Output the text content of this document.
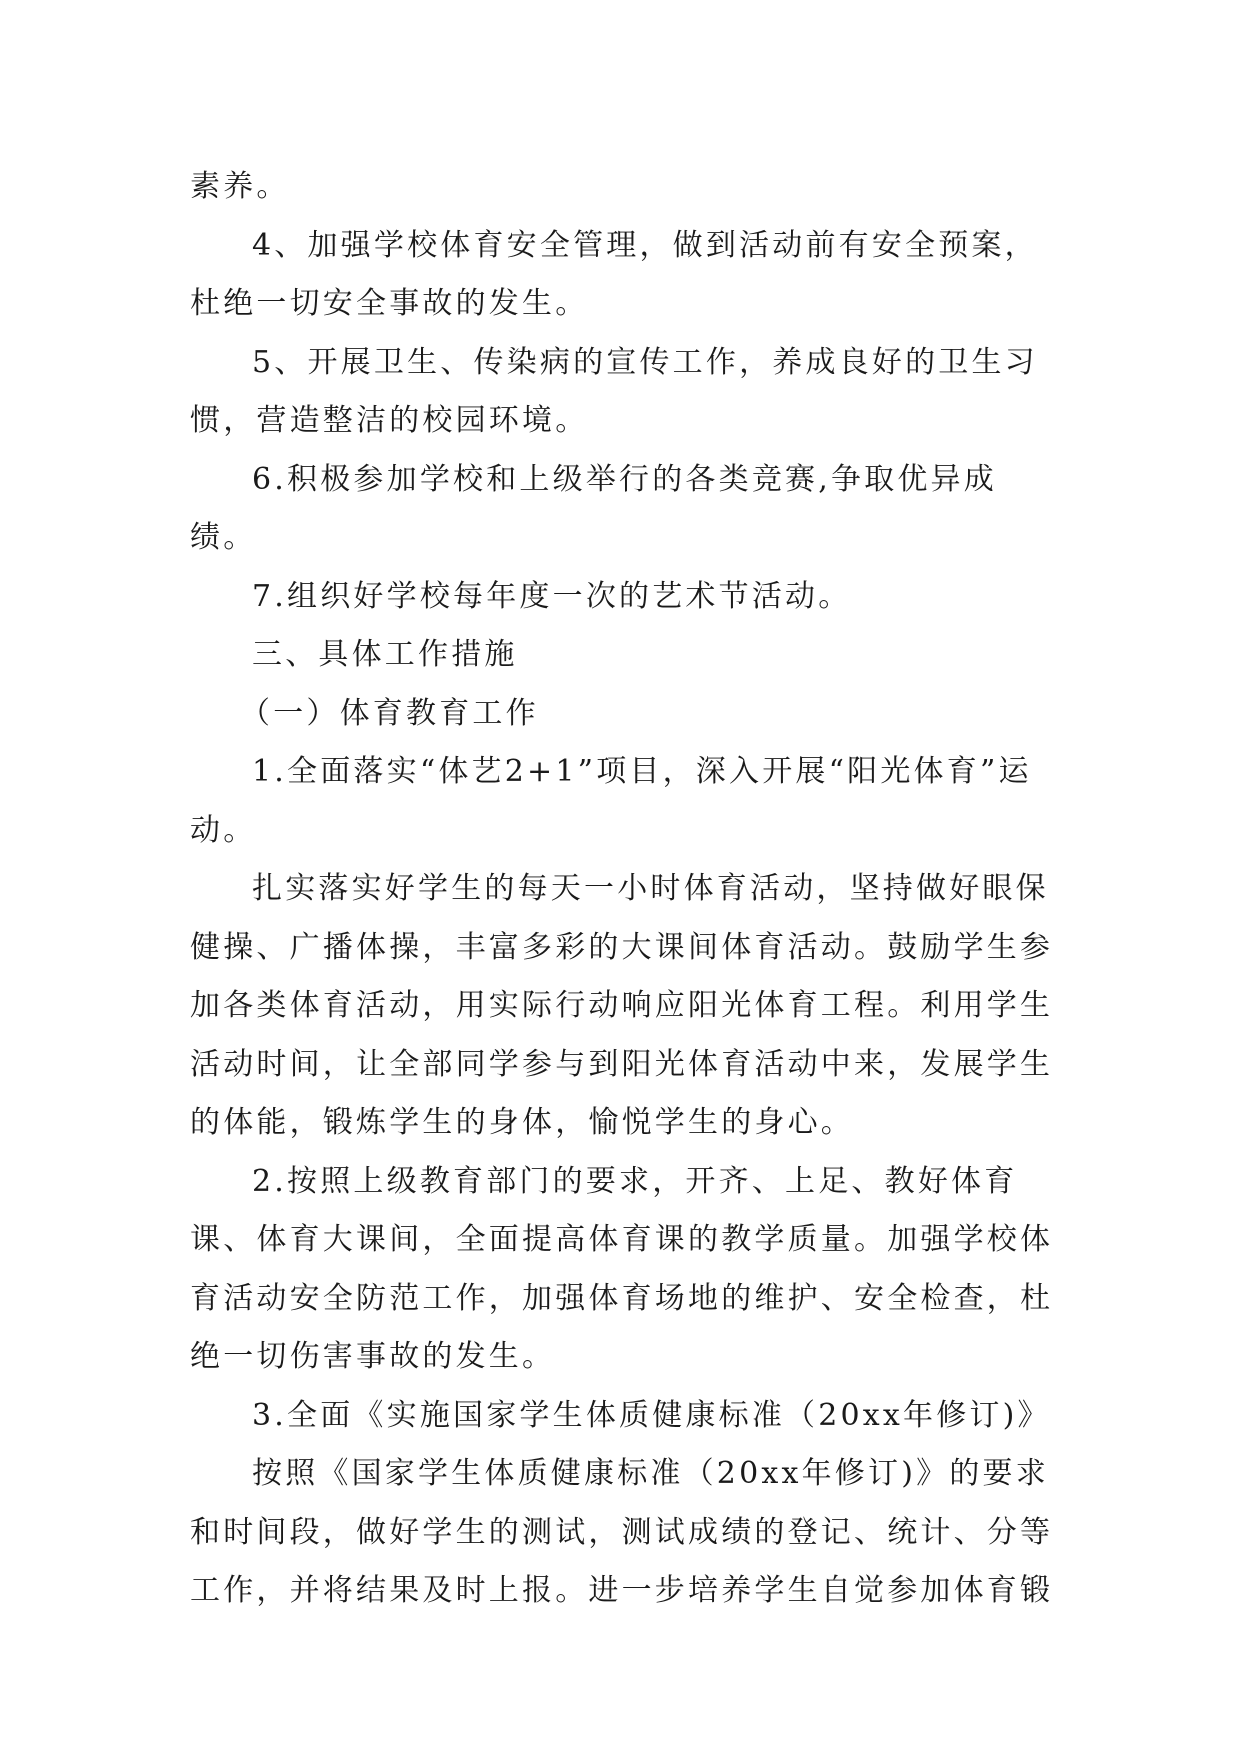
素养。

4、加强学校体育安全管理，做到活动前有安全预案，杜绝一切安全事故的发生。

5、开展卫生、传染病的宣传工作，养成良好的卫生习惯，营造整洁的校园环境。

6.积极参加学校和上级举行的各类竞赛,争取优异成绩。

7.组织好学校每年度一次的艺术节活动。

三、具体工作措施

（一）体育教育工作

1.全面落实“体艺2+1”项目，深入开展“阳光体育”运动。

扎实落实好学生的每天一小时体育活动，坚持做好眼保健操、广播体操，丰富多彩的大课间体育活动。鼓励学生参加各类体育活动，用实际行动响应阳光体育工程。利用学生活动时间，让全部同学参与到阳光体育活动中来，发展学生的体能，锻炼学生的身体，愉悦学生的身心。

2.按照上级教育部门的要求，开齐、上足、教好体育课、体育大课间，全面提高体育课的教学质量。加强学校体育活动安全防范工作，加强体育场地的维护、安全检查，杜绝一切伤害事故的发生。

3.全面《实施国家学生体质健康标准（20xx年修订)》

按照《国家学生体质健康标准（20xx年修订)》的要求和时间段，做好学生的测试，测试成绩的登记、统计、分等工作，并将结果及时上报。进一步培养学生自觉参加体育锻
